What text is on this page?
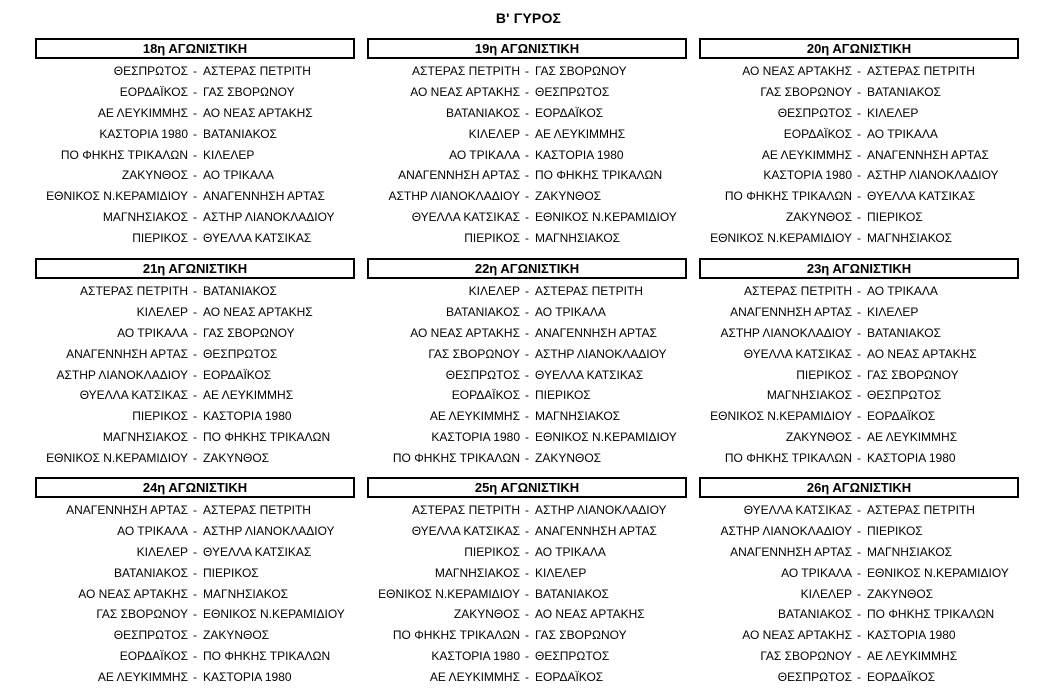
Β' ΓΥΡΟΣ
18η ΑΓΩΝΙΣΤΙΚΗ
ΘΕΣΠΡΩΤΟΣ - ΑΣΤΕΡΑΣ ΠΕΤΡΙΤΗ
ΕΟΡΔΑΪΚΟΣ - ΓΑΣ ΣΒΟΡΩΝΟΥ
ΑΕ ΛΕΥΚΙΜΜΗΣ - ΑΟ ΝΕΑΣ ΑΡΤΑΚΗΣ
ΚΑΣΤΟΡΙΑ 1980 - ΒΑΤΑΝΙΑΚΟΣ
ΠΟ ΦΗΚΗΣ ΤΡΙΚΑΛΩΝ - ΚΙΛΕΛΕΡ
ΖΑΚΥΝΘΟΣ - ΑΟ ΤΡΙΚΑΛΑ
ΕΘΝΙΚΟΣ Ν.ΚΕΡΑΜΙΔΙΟΥ - ΑΝΑΓΕΝΝΗΣΗ ΑΡΤΑΣ
ΜΑΓΝΗΣΙΑΚΟΣ - ΑΣΤΗΡ ΛΙΑΝΟΚΛΑΔΙΟΥ
ΠΙΕΡΙΚΟΣ - ΘΥΕΛΛΑ ΚΑΤΣΙΚΑΣ
19η ΑΓΩΝΙΣΤΙΚΗ
ΑΣΤΕΡΑΣ ΠΕΤΡΙΤΗ - ΓΑΣ ΣΒΟΡΩΝΟΥ
ΑΟ ΝΕΑΣ ΑΡΤΑΚΗΣ - ΘΕΣΠΡΩΤΟΣ
ΒΑΤΑΝΙΑΚΟΣ - ΕΟΡΔΑΪΚΟΣ
ΚΙΛΕΛΕΡ - ΑΕ ΛΕΥΚΙΜΜΗΣ
ΑΟ ΤΡΙΚΑΛΑ - ΚΑΣΤΟΡΙΑ 1980
ΑΝΑΓΕΝΝΗΣΗ ΑΡΤΑΣ - ΠΟ ΦΗΚΗΣ ΤΡΙΚΑΛΩΝ
ΑΣΤΗΡ ΛΙΑΝΟΚΛΑΔΙΟΥ - ΖΑΚΥΝΘΟΣ
ΘΥΕΛΛΑ ΚΑΤΣΙΚΑΣ - ΕΘΝΙΚΟΣ Ν.ΚΕΡΑΜΙΔΙΟΥ
ΠΙΕΡΙΚΟΣ - ΜΑΓΝΗΣΙΑΚΟΣ
20η ΑΓΩΝΙΣΤΙΚΗ
ΑΟ ΝΕΑΣ ΑΡΤΑΚΗΣ - ΑΣΤΕΡΑΣ ΠΕΤΡΙΤΗ
ΓΑΣ ΣΒΟΡΩΝΟΥ - ΒΑΤΑΝΙΑΚΟΣ
ΘΕΣΠΡΩΤΟΣ - ΚΙΛΕΛΕΡ
ΕΟΡΔΑΪΚΟΣ - ΑΟ ΤΡΙΚΑΛΑ
ΑΕ ΛΕΥΚΙΜΜΗΣ - ΑΝΑΓΕΝΝΗΣΗ ΑΡΤΑΣ
ΚΑΣΤΟΡΙΑ 1980 - ΑΣΤΗΡ ΛΙΑΝΟΚΛΑΔΙΟΥ
ΠΟ ΦΗΚΗΣ ΤΡΙΚΑΛΩΝ - ΘΥΕΛΛΑ ΚΑΤΣΙΚΑΣ
ΖΑΚΥΝΘΟΣ - ΠΙΕΡΙΚΟΣ
ΕΘΝΙΚΟΣ Ν.ΚΕΡΑΜΙΔΙΟΥ - ΜΑΓΝΗΣΙΑΚΟΣ
21η ΑΓΩΝΙΣΤΙΚΗ
ΑΣΤΕΡΑΣ ΠΕΤΡΙΤΗ - ΒΑΤΑΝΙΑΚΟΣ
ΚΙΛΕΛΕΡ - ΑΟ ΝΕΑΣ ΑΡΤΑΚΗΣ
ΑΟ ΤΡΙΚΑΛΑ - ΓΑΣ ΣΒΟΡΩΝΟΥ
ΑΝΑΓΕΝΝΗΣΗ ΑΡΤΑΣ - ΘΕΣΠΡΩΤΟΣ
ΑΣΤΗΡ ΛΙΑΝΟΚΛΑΔΙΟΥ - ΕΟΡΔΑΪΚΟΣ
ΘΥΕΛΛΑ ΚΑΤΣΙΚΑΣ - ΑΕ ΛΕΥΚΙΜΜΗΣ
ΠΙΕΡΙΚΟΣ - ΚΑΣΤΟΡΙΑ 1980
ΜΑΓΝΗΣΙΑΚΟΣ - ΠΟ ΦΗΚΗΣ ΤΡΙΚΑΛΩΝ
ΕΘΝΙΚΟΣ Ν.ΚΕΡΑΜΙΔΙΟΥ - ΖΑΚΥΝΘΟΣ
22η ΑΓΩΝΙΣΤΙΚΗ
ΚΙΛΕΛΕΡ - ΑΣΤΕΡΑΣ ΠΕΤΡΙΤΗ
ΒΑΤΑΝΙΑΚΟΣ - ΑΟ ΤΡΙΚΑΛΑ
ΑΟ ΝΕΑΣ ΑΡΤΑΚΗΣ - ΑΝΑΓΕΝΝΗΣΗ ΑΡΤΑΣ
ΓΑΣ ΣΒΟΡΩΝΟΥ - ΑΣΤΗΡ ΛΙΑΝΟΚΛΑΔΙΟΥ
ΘΕΣΠΡΩΤΟΣ - ΘΥΕΛΛΑ ΚΑΤΣΙΚΑΣ
ΕΟΡΔΑΪΚΟΣ - ΠΙΕΡΙΚΟΣ
ΑΕ ΛΕΥΚΙΜΜΗΣ - ΜΑΓΝΗΣΙΑΚΟΣ
ΚΑΣΤΟΡΙΑ 1980 - ΕΘΝΙΚΟΣ Ν.ΚΕΡΑΜΙΔΙΟΥ
ΠΟ ΦΗΚΗΣ ΤΡΙΚΑΛΩΝ - ΖΑΚΥΝΘΟΣ
23η ΑΓΩΝΙΣΤΙΚΗ
ΑΣΤΕΡΑΣ ΠΕΤΡΙΤΗ - ΑΟ ΤΡΙΚΑΛΑ
ΑΝΑΓΕΝΝΗΣΗ ΑΡΤΑΣ - ΚΙΛΕΛΕΡ
ΑΣΤΗΡ ΛΙΑΝΟΚΛΑΔΙΟΥ - ΒΑΤΑΝΙΑΚΟΣ
ΘΥΕΛΛΑ ΚΑΤΣΙΚΑΣ - ΑΟ ΝΕΑΣ ΑΡΤΑΚΗΣ
ΠΙΕΡΙΚΟΣ - ΓΑΣ ΣΒΟΡΩΝΟΥ
ΜΑΓΝΗΣΙΑΚΟΣ - ΘΕΣΠΡΩΤΟΣ
ΕΘΝΙΚΟΣ Ν.ΚΕΡΑΜΙΔΙΟΥ - ΕΟΡΔΑΪΚΟΣ
ΖΑΚΥΝΘΟΣ - ΑΕ ΛΕΥΚΙΜΜΗΣ
ΠΟ ΦΗΚΗΣ ΤΡΙΚΑΛΩΝ - ΚΑΣΤΟΡΙΑ 1980
24η ΑΓΩΝΙΣΤΙΚΗ
ΑΝΑΓΕΝΝΗΣΗ ΑΡΤΑΣ - ΑΣΤΕΡΑΣ ΠΕΤΡΙΤΗ
ΑΟ ΤΡΙΚΑΛΑ - ΑΣΤΗΡ ΛΙΑΝΟΚΛΑΔΙΟΥ
ΚΙΛΕΛΕΡ - ΘΥΕΛΛΑ ΚΑΤΣΙΚΑΣ
ΒΑΤΑΝΙΑΚΟΣ - ΠΙΕΡΙΚΟΣ
ΑΟ ΝΕΑΣ ΑΡΤΑΚΗΣ - ΜΑΓΝΗΣΙΑΚΟΣ
ΓΑΣ ΣΒΟΡΩΝΟΥ - ΕΘΝΙΚΟΣ Ν.ΚΕΡΑΜΙΔΙΟΥ
ΘΕΣΠΡΩΤΟΣ - ΖΑΚΥΝΘΟΣ
ΕΟΡΔΑΪΚΟΣ - ΠΟ ΦΗΚΗΣ ΤΡΙΚΑΛΩΝ
ΑΕ ΛΕΥΚΙΜΜΗΣ - ΚΑΣΤΟΡΙΑ 1980
25η ΑΓΩΝΙΣΤΙΚΗ
ΑΣΤΕΡΑΣ ΠΕΤΡΙΤΗ - ΑΣΤΗΡ ΛΙΑΝΟΚΛΑΔΙΟΥ
ΘΥΕΛΛΑ ΚΑΤΣΙΚΑΣ - ΑΝΑΓΕΝΝΗΣΗ ΑΡΤΑΣ
ΠΙΕΡΙΚΟΣ - ΑΟ ΤΡΙΚΑΛΑ
ΜΑΓΝΗΣΙΑΚΟΣ - ΚΙΛΕΛΕΡ
ΕΘΝΙΚΟΣ Ν.ΚΕΡΑΜΙΔΙΟΥ - ΒΑΤΑΝΙΑΚΟΣ
ΖΑΚΥΝΘΟΣ - ΑΟ ΝΕΑΣ ΑΡΤΑΚΗΣ
ΠΟ ΦΗΚΗΣ ΤΡΙΚΑΛΩΝ - ΓΑΣ ΣΒΟΡΩΝΟΥ
ΚΑΣΤΟΡΙΑ 1980 - ΘΕΣΠΡΩΤΟΣ
ΑΕ ΛΕΥΚΙΜΜΗΣ - ΕΟΡΔΑΪΚΟΣ
26η ΑΓΩΝΙΣΤΙΚΗ
ΘΥΕΛΛΑ ΚΑΤΣΙΚΑΣ - ΑΣΤΕΡΑΣ ΠΕΤΡΙΤΗ
ΑΣΤΗΡ ΛΙΑΝΟΚΛΑΔΙΟΥ - ΠΙΕΡΙΚΟΣ
ΑΝΑΓΕΝΝΗΣΗ ΑΡΤΑΣ - ΜΑΓΝΗΣΙΑΚΟΣ
ΑΟ ΤΡΙΚΑΛΑ - ΕΘΝΙΚΟΣ Ν.ΚΕΡΑΜΙΔΙΟΥ
ΚΙΛΕΛΕΡ - ΖΑΚΥΝΘΟΣ
ΒΑΤΑΝΙΑΚΟΣ - ΠΟ ΦΗΚΗΣ ΤΡΙΚΑΛΩΝ
ΑΟ ΝΕΑΣ ΑΡΤΑΚΗΣ - ΚΑΣΤΟΡΙΑ 1980
ΓΑΣ ΣΒΟΡΩΝΟΥ - ΑΕ ΛΕΥΚΙΜΜΗΣ
ΘΕΣΠΡΩΤΟΣ - ΕΟΡΔΑΪΚΟΣ
